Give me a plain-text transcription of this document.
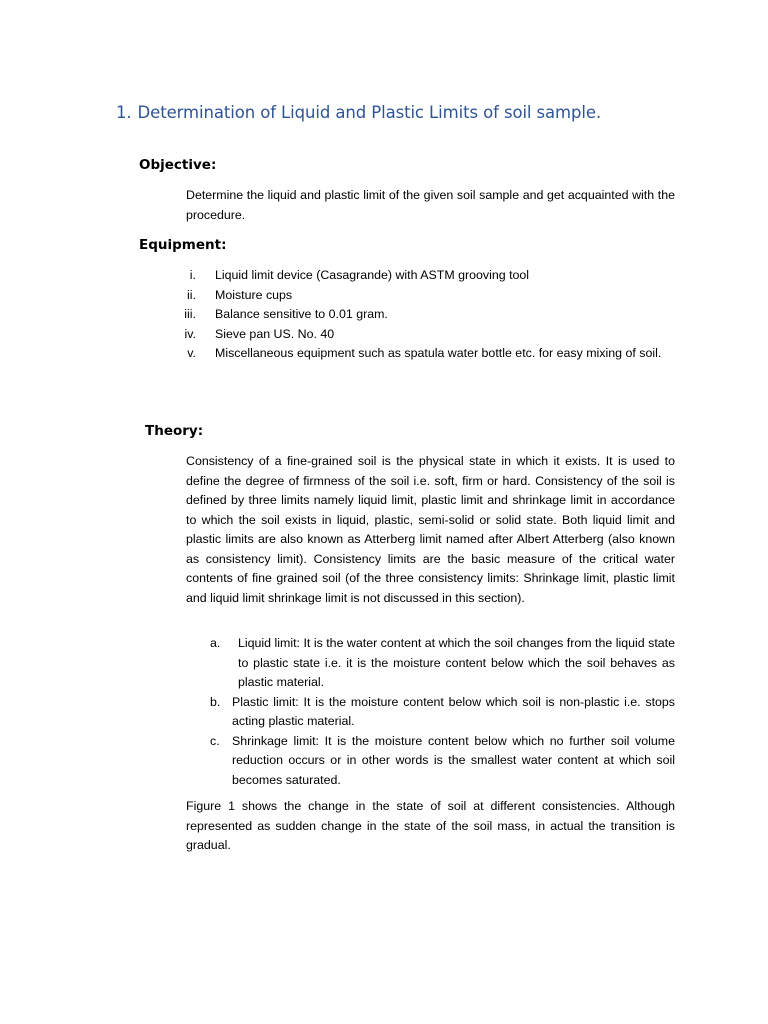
1. Determination of Liquid and Plastic Limits of soil sample.
Objective:

Determine the liquid and plastic limit of the given soil sample and get acquainted with the procedure.

Equipment:
i. Liquid limit device (Casagrande) with ASTM grooving tool
ii. Moisture cups
iii. Balance sensitive to 0.01 gram.
iv. Sieve pan US. No. 40
v. Miscellaneous equipment such as spatula water bottle etc. for easy mixing of soil.
Theory:

Consistency of a fine-grained soil is the physical state in which it exists. It is used to define the degree of firmness of the soil i.e. soft, firm or hard. Consistency of the soil is defined by three limits namely liquid limit, plastic limit and shrinkage limit in accordance to which the soil exists in liquid, plastic, semi-solid or solid state. Both liquid limit and plastic limits are also known as Atterberg limit named after Albert Atterberg (also known as consistency limit). Consistency limits are the basic measure of the critical water contents of fine grained soil (of the three consistency limits: Shrinkage limit, plastic limit and liquid limit shrinkage limit is not discussed in this section).

a. Liquid limit: It is the water content at which the soil changes from the liquid state to plastic state i.e. it is the moisture content below which the soil behaves as plastic material.
b. Plastic limit: It is the moisture content below which soil is non-plastic i.e. stops acting plastic material.
c. Shrinkage limit: It is the moisture content below which no further soil volume reduction occurs or in other words is the smallest water content at which soil becomes saturated.

Figure 1 shows the change in the state of soil at different consistencies. Although represented as sudden change in the state of the soil mass, in actual the transition is gradual.
